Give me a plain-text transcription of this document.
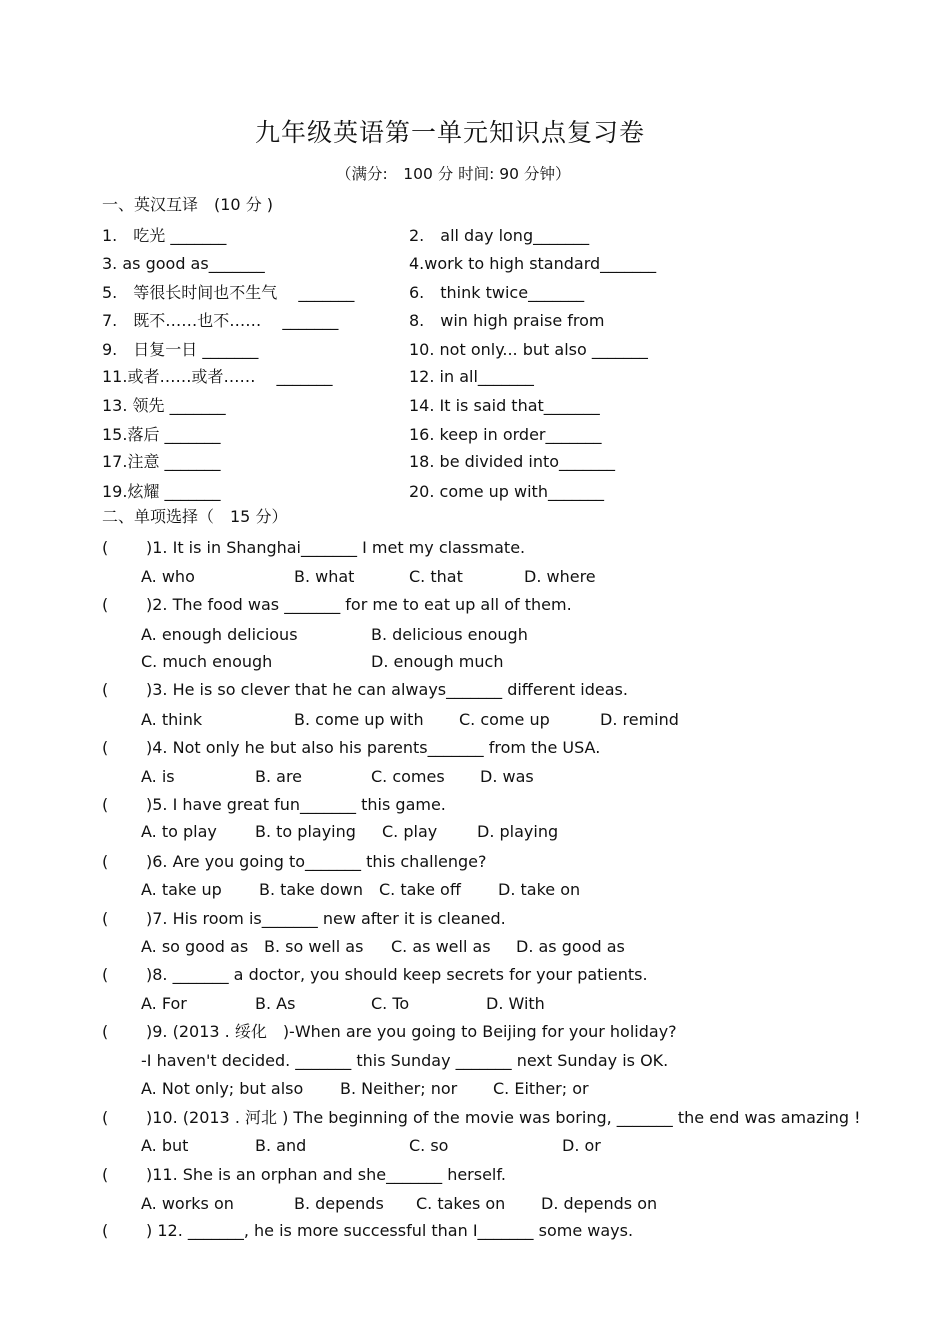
九年级英语第一单元知识点复习卷
（满分:　100 分 时间: 90 分钟）
一、英汉互译　(10 分 )
1.　吃光 _______	2.　all day long_______
3. as good as_______	4.work to high standard_______
5.　等很长时间也不生气　 _______	6.　think twice_______
7.　既不……也不……　 _______	8.　win high praise from
9.　日复一日 _______	10. not only... but also _______
11.或者……或者……　 _______	12. in all_______
13. 领先 _______	14. It is said that_______
15.落后 _______	16. keep in order_______
17.注意 _______	18. be divided into_______
19.炫耀 _______	20. come up with_______
二、单项选择（　15 分）
( )1. It is in Shanghai_______ I met my classmate.
A. who	B. what	C. that	D. where
( )2. The food was _______ for me to eat up all of them.
A. enough delicious	B. delicious enough
C. much enough	D. enough much
( )3. He is so clever that he can always_______ different ideas.
A. think	B. come up with C. come up	D. remind
( )4. Not only he but also his parents_______ from the USA.
A. is	B. are	C. comes D. was
( )5. I have great fun_______ this game.
A. to play B. to playing C. play D. playing
( )6. Are you going to_______ this challenge?
A. take up B. take down C. take off D. take on
( )7. His room is_______ new after it is cleaned.
A. so good as B. so well as C. as well as D. as good as
( )8. _______ a doctor, you should keep secrets for your patients.
A. For	B. As	C. To	D. With
( )9. (2013 . 绥化　)-When are you going to Beijing for your holiday?
-I haven't decided. _______ this Sunday _______ next Sunday is OK.
A. Not only; but also B. Neither; nor C. Either; or
( )10. (2013 . 河北 ) The beginning of the movie was boring, _______ the end was amazing !
A. but	B. and	C. so	D. or
( )11. She is an orphan and she_______ herself.
A. works on	B. depends C. takes on D. depends on
( ) 12. _______, he is more successful than I_______ some ways.
